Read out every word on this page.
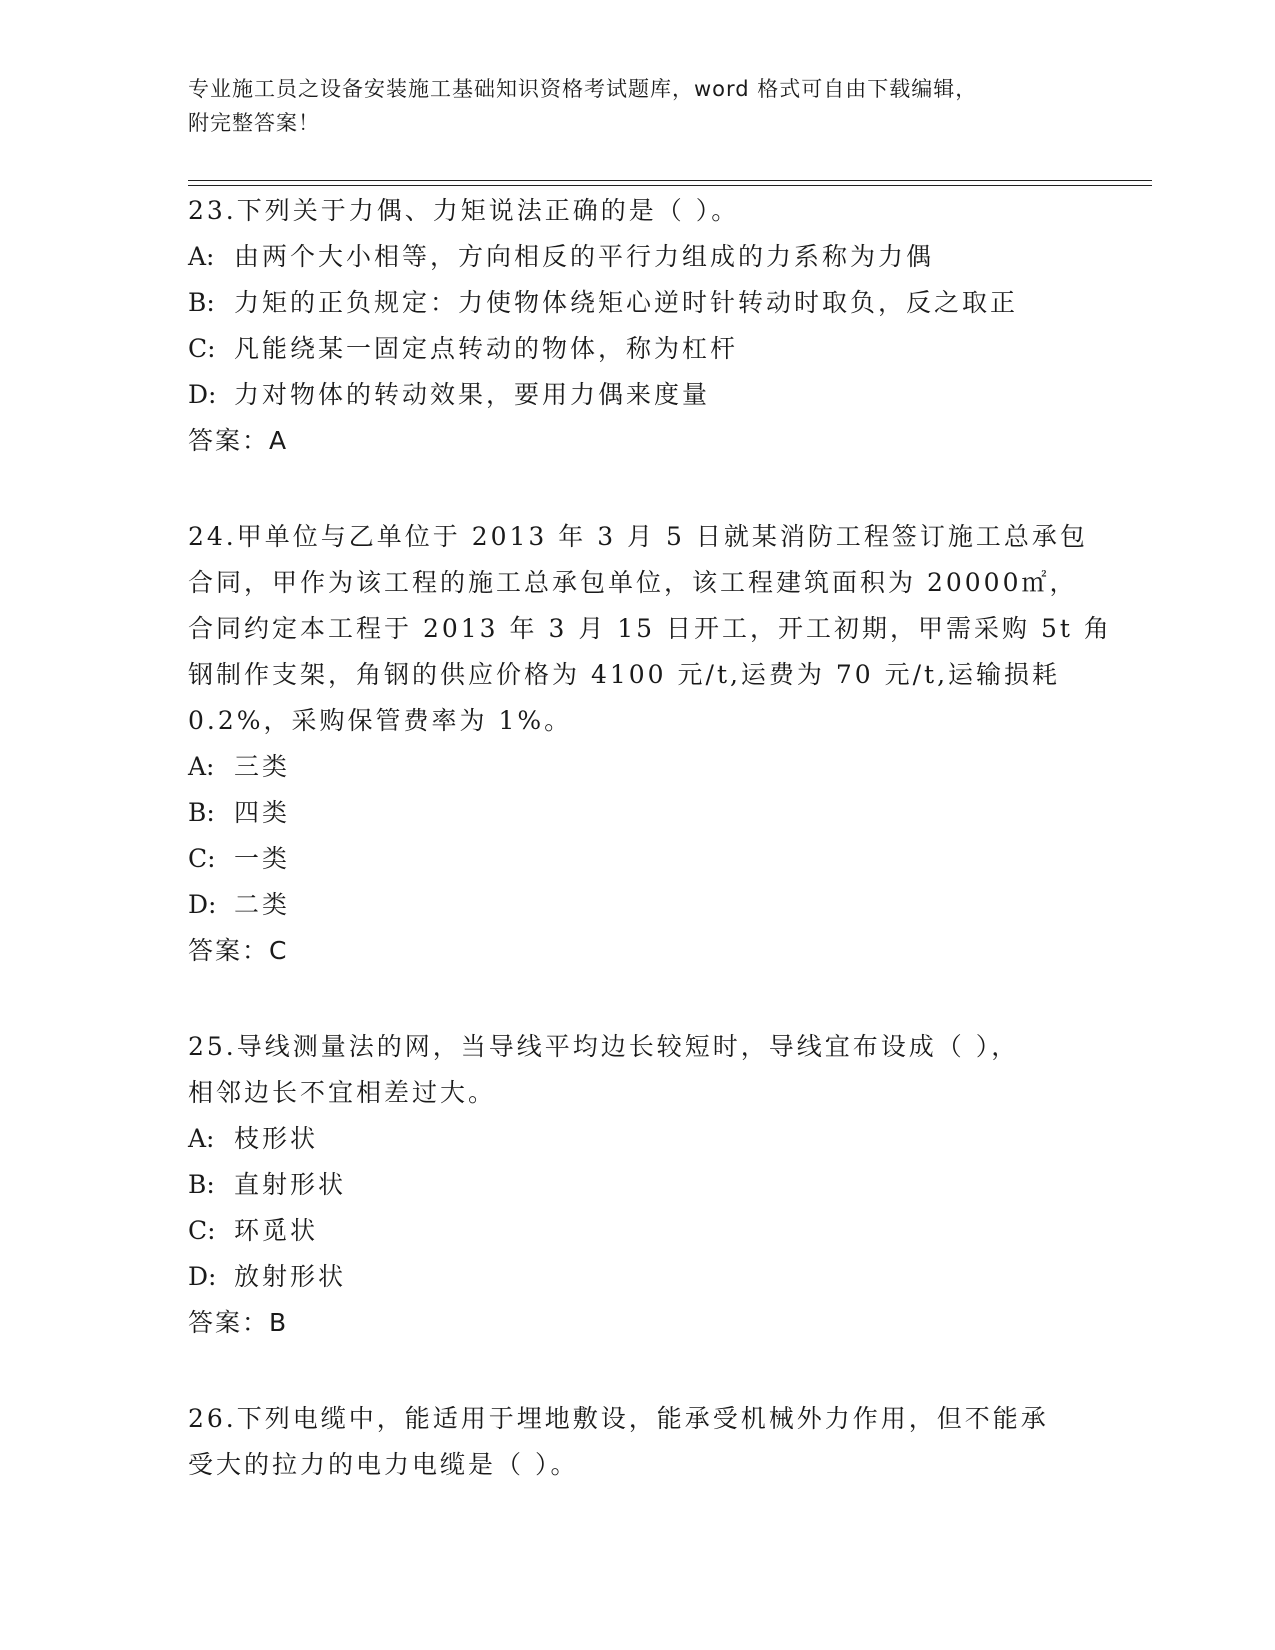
专业施工员之设备安装施工基础知识资格考试题库，word 格式可自由下载编辑，
附完整答案！
23.下列关于力偶、力矩说法正确的是（ ）。
A: 由两个大小相等，方向相反的平行力组成的力系称为力偶
B: 力矩的正负规定：力使物体绕矩心逆时针转动时取负，反之取正
C: 凡能绕某一固定点转动的物体，称为杠杆
D: 力对物体的转动效果，要用力偶来度量
答案：A
24.甲单位与乙单位于 2013 年 3 月 5 日就某消防工程签订施工总承包
合同，甲作为该工程的施工总承包单位，该工程建筑面积为 20000㎡，
合同约定本工程于 2013 年 3 月 15 日开工，开工初期，甲需采购 5t 角
钢制作支架，角钢的供应价格为 4100 元/t,运费为 70 元/t,运输损耗
0.2%，采购保管费率为 1%。
A: 三类
B: 四类
C: 一类
D: 二类
答案：C
25.导线测量法的网，当导线平均边长较短时，导线宜布设成（ ），
相邻边长不宜相差过大。
A: 枝形状
B: 直射形状
C: 环觅状
D: 放射形状
答案：B
26.下列电缆中，能适用于埋地敷设，能承受机械外力作用，但不能承
受大的拉力的电力电缆是（ ）。
